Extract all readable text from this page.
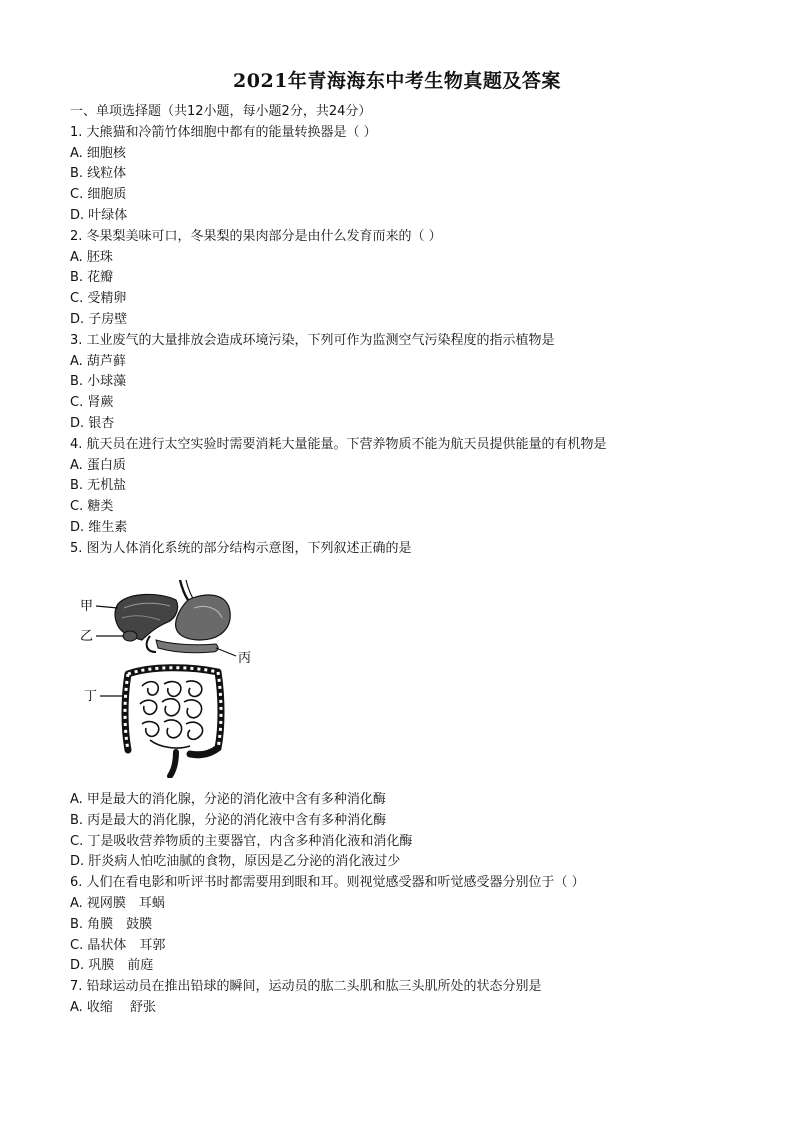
2021年青海海东中考生物真题及答案
一、单项选择题（共12小题，每小题2分，共24分）
1. 大熊猫和冷箭竹体细胞中都有的能量转换器是（ ）
A. 细胞核
B. 线粒体
C. 细胞质
D. 叶绿体
2. 冬果梨美味可口，冬果梨的果肉部分是由什么发育而来的（ ）
A. 胚珠
B. 花瓣
C. 受精卵
D. 子房壁
3. 工业废气的大量排放会造成环境污染，下列可作为监测空气污染程度的指示植物是
A. 葫芦藓
B. 小球藻
C. 肾蕨
D. 银杏
4. 航天员在进行太空实验时需要消耗大量能量。下营养物质不能为航天员提供能量的有机物是
A. 蛋白质
B. 无机盐
C. 糖类
D. 维生素
5. 图为人体消化系统的部分结构示意图，下列叙述正确的是
甲
乙
丙
丁
A. 甲是最大的消化腺，分泌的消化液中含有多种消化酶
B. 丙是最大的消化腺，分泌的消化液中含有多种消化酶
C. 丁是吸收营养物质的主要器官，内含多种消化液和消化酶
D. 肝炎病人怕吃油腻的食物，原因是乙分泌的消化液过少
6. 人们在看电影和听评书时都需要用到眼和耳。则视觉感受器和听觉感受器分别位于（ ）
A. 视网膜　耳蜗
B. 角膜　鼓膜
C. 晶状体　耳郭
D. 巩膜　前庭
7. 铅球运动员在推出铅球的瞬间，运动员的肱二头肌和肱三头肌所处的状态分别是
A. 收缩　 舒张
